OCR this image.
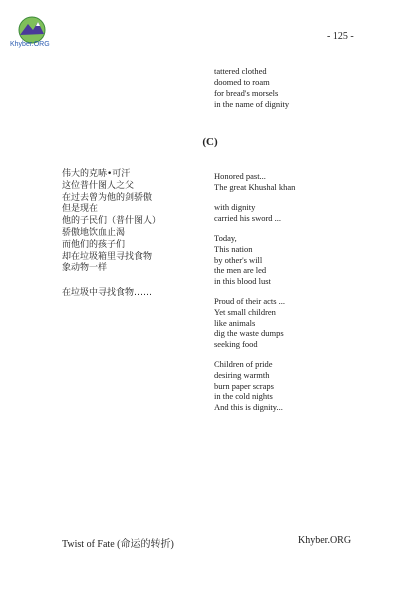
Khyber.ORG
- 125 -
tattered clothed
doomed to roam
for bread's morsels
in the name of dignity
(C)
伟大的克哧•可汗
这位普什图人之父
在过去曾为他的剑骄傲
但是现在
他的子民们（普什图人）
骄傲地饮血止渴
而他们的孩子们
却在垃圾箱里寻找食物
象动物一样
在垃圾中寻找食物……
Honored past...
The great Khushal khan
with dignity
carried his sword ...
Today,
This nation
by other's will
the men are led
in this blood lust
Proud of their acts ...
Yet small children
like animals
dig the waste dumps
seeking food
Children of pride
desiring warmth
burn paper scraps
in the cold nights
And this is dignity...
Twist of Fate (命运的转折)	Khyber.ORG
